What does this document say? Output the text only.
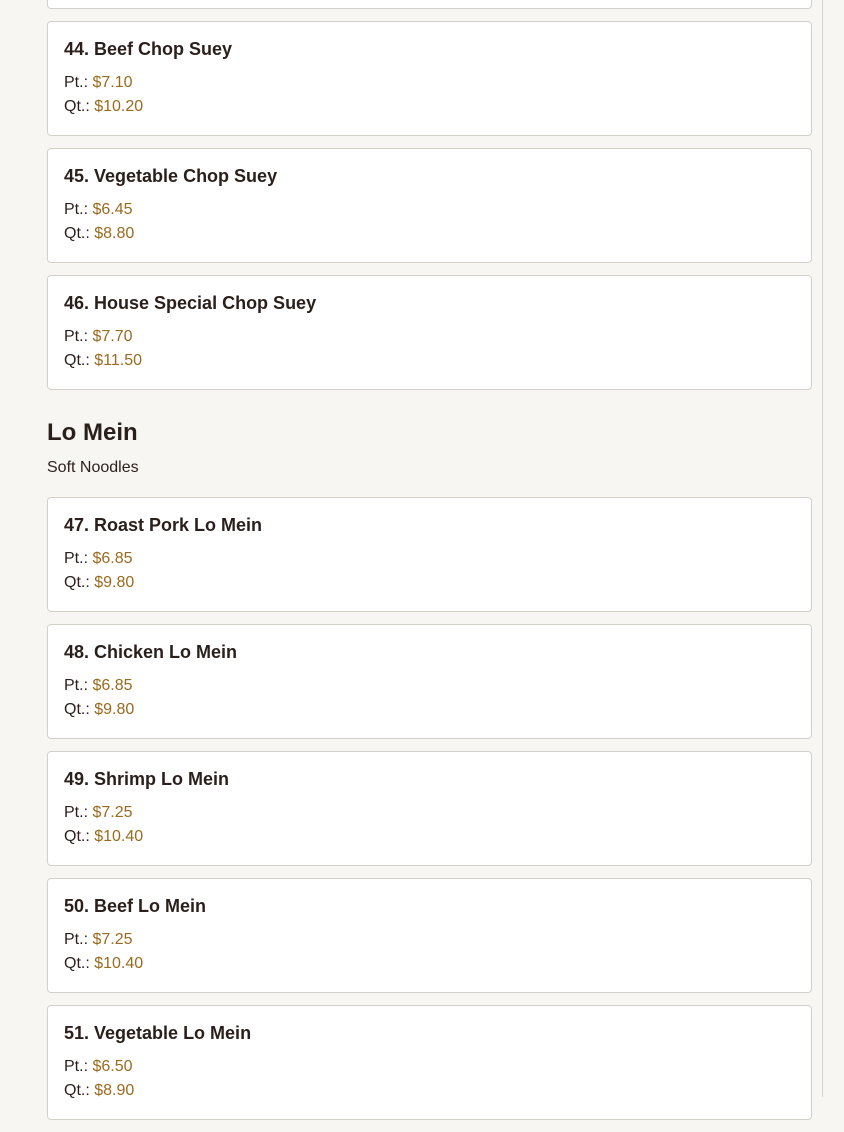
44. Beef Chop Suey
Pt.: $7.10
Qt.: $10.20
45. Vegetable Chop Suey
Pt.: $6.45
Qt.: $8.80
46. House Special Chop Suey
Pt.: $7.70
Qt.: $11.50
Lo Mein
Soft Noodles
47. Roast Pork Lo Mein
Pt.: $6.85
Qt.: $9.80
48. Chicken Lo Mein
Pt.: $6.85
Qt.: $9.80
49. Shrimp Lo Mein
Pt.: $7.25
Qt.: $10.40
50. Beef Lo Mein
Pt.: $7.25
Qt.: $10.40
51. Vegetable Lo Mein
Pt.: $6.50
Qt.: $8.90
